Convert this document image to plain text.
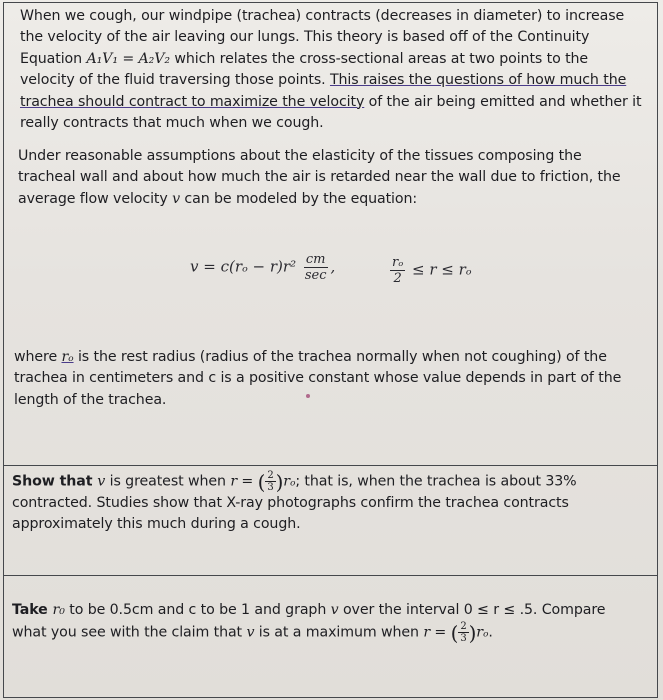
When we cough, our windpipe (trachea) contracts (decreases in diameter) to increase
the velocity of the air leaving our lungs. This theory is based off of the Continuity
Equation A₁V₁ = A₂V₂ which relates the cross-sectional areas at two points to the
velocity of the fluid traversing those points. This raises the questions of how much the
trachea should contract to maximize the velocity of the air being emitted and whether it
really contracts that much when we cough.

Under reasonable assumptions about the elasticity of the tissues composing the
tracheal wall and about how much the air is retarded near the wall due to friction, the
average flow velocity v can be modeled by the equation:

$v = c(r_o - r)r^2 \frac{cm}{\sec}$ ,	$\frac{\text{rₒ}}{2} \le r \le r_o$

where rₒ is the rest radius (radius of the trachea normally when not coughing) of the
trachea in centimeters and c is a positive constant whose value depends in part of the
length of the trachea.

Show that v is greatest when r = ( $\frac{2}{3} )r_o$; that is, when the trachea is about 33%
contracted. Studies show that X-ray photographs confirm the trachea contracts
approximately this much during a cough.

Take r₀ to be 0.5cm and c to be 1 and graph v over the interval 0 ≤ r ≤ .5. Compare
what you see with the claim that v is at a maximum when r = ( $\frac{2}{3} )r_o$.
